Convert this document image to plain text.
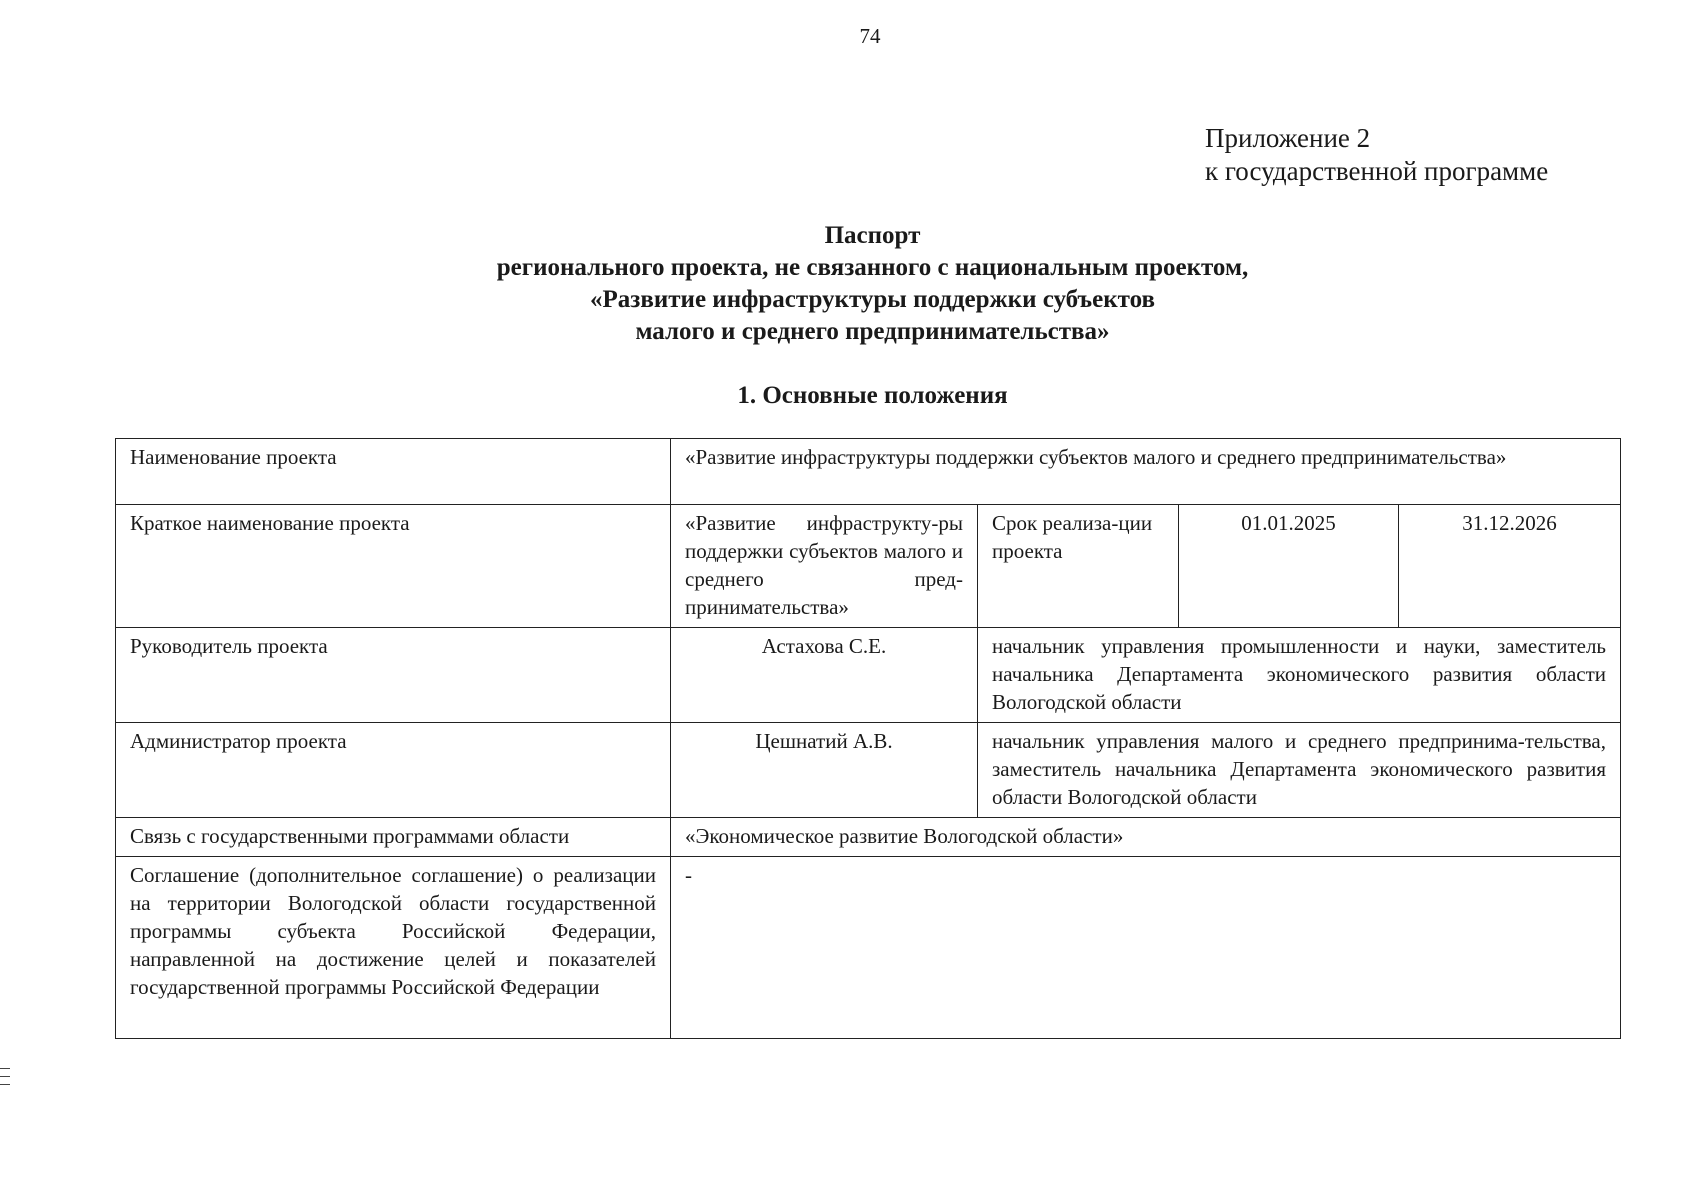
74
Приложение 2
к государственной программе
Паспорт
регионального проекта, не связанного с национальным проектом,
«Развитие инфраструктуры поддержки субъектов
малого и среднего предпринимательства»
1. Основные положения
Наименование проекта	«Развитие инфраструктуры поддержки субъектов малого и среднего предпринимательства»			
Краткое наименование проекта	«Развитие инфраструкту-ры поддержки субъектов малого и среднего пред-принимательства»	Срок реализа-ции проекта	01.01.2025	31.12.2026
Руководитель проекта	Астахова С.Е.	начальник управления промышленности и науки, заместитель начальника Департамента экономического развития области Вологодской области		
Администратор проекта	Цешнатий А.В.	начальник управления малого и среднего предпринима-тельства, заместитель начальника Департамента экономического развития области Вологодской области		
Связь с государственными программами области	«Экономическое развитие Вологодской области»			
Соглашение (дополнительное соглашение) о реализации на территории Вологодской области государственной программы субъекта Российской Федерации, направленной на достижение целей и показателей государственной программы Российской Федерации	-			
